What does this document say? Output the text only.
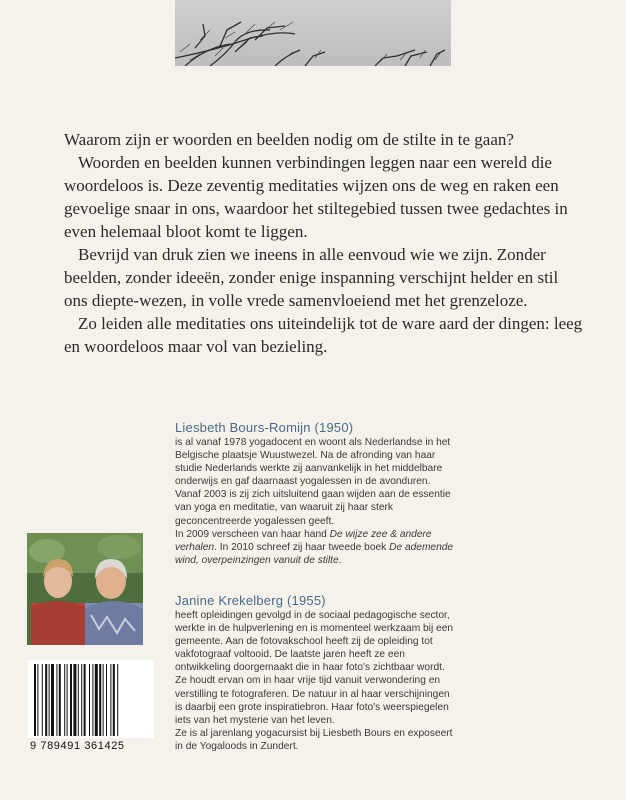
Waarom zijn er woorden en beelden nodig om de stilte in te gaan?

Woorden en beelden kunnen verbindingen leggen naar een wereld die woordeloos is. Deze zeventig meditaties wijzen ons de weg en raken een gevoelige snaar in ons, waardoor het stiltegebied tussen twee gedachtes in even helemaal bloot komt te liggen.

Bevrijd van druk zien we ineens in alle eenvoud wie we zijn. Zonder beelden, zonder ideeën, zonder enige inspanning verschijnt helder en stil ons diepte-wezen, in volle vrede samenvloeiend met het grenzeloze.

Zo leiden alle meditaties ons uiteindelijk tot de ware aard der dingen: leeg en woordeloos maar vol van bezieling.

Liesbeth Bours-Romijn (1950)

is al vanaf 1978 yogadocent en woont als Nederlandse in het Belgische plaatsje Wuustwezel. Na de afronding van haar studie Nederlands werkte zij aanvankelijk in het middelbare onderwijs en gaf daarnaast yogalessen in de avonduren. Vanaf 2003 is zij zich uitsluitend gaan wijden aan de essentie van yoga en meditatie, van waaruit zij haar sterk geconcentreerde yogalessen geeft.

In 2009 verscheen van haar hand De wijze zee & andere verhalen. In 2010 schreef zij haar tweede boek De ademende wind, overpeinzingen vanuit de stilte.

Janine Krekelberg (1955)

heeft opleidingen gevolgd in de sociaal pedagogische sector, werkte in de hulpverlening en is momenteel werkzaam bij een gemeente. Aan de fotovakschool heeft zij de opleiding tot vakfotograaf voltooid. De laatste jaren heeft ze een ontwikkeling doorgemaakt die in haar foto's zichtbaar wordt. Ze houdt ervan om in haar vrije tijd vanuit verwondering en verstilling te fotograferen. De natuur in al haar verschijningen is daarbij een grote inspiratiebron. Haar foto's weerspiegelen iets van het mysterie van het leven.

Ze is al jarenlang yogacursist bij Liesbeth Bours en exposeert in de Yogaloods in Zundert.

9 789491 361425
